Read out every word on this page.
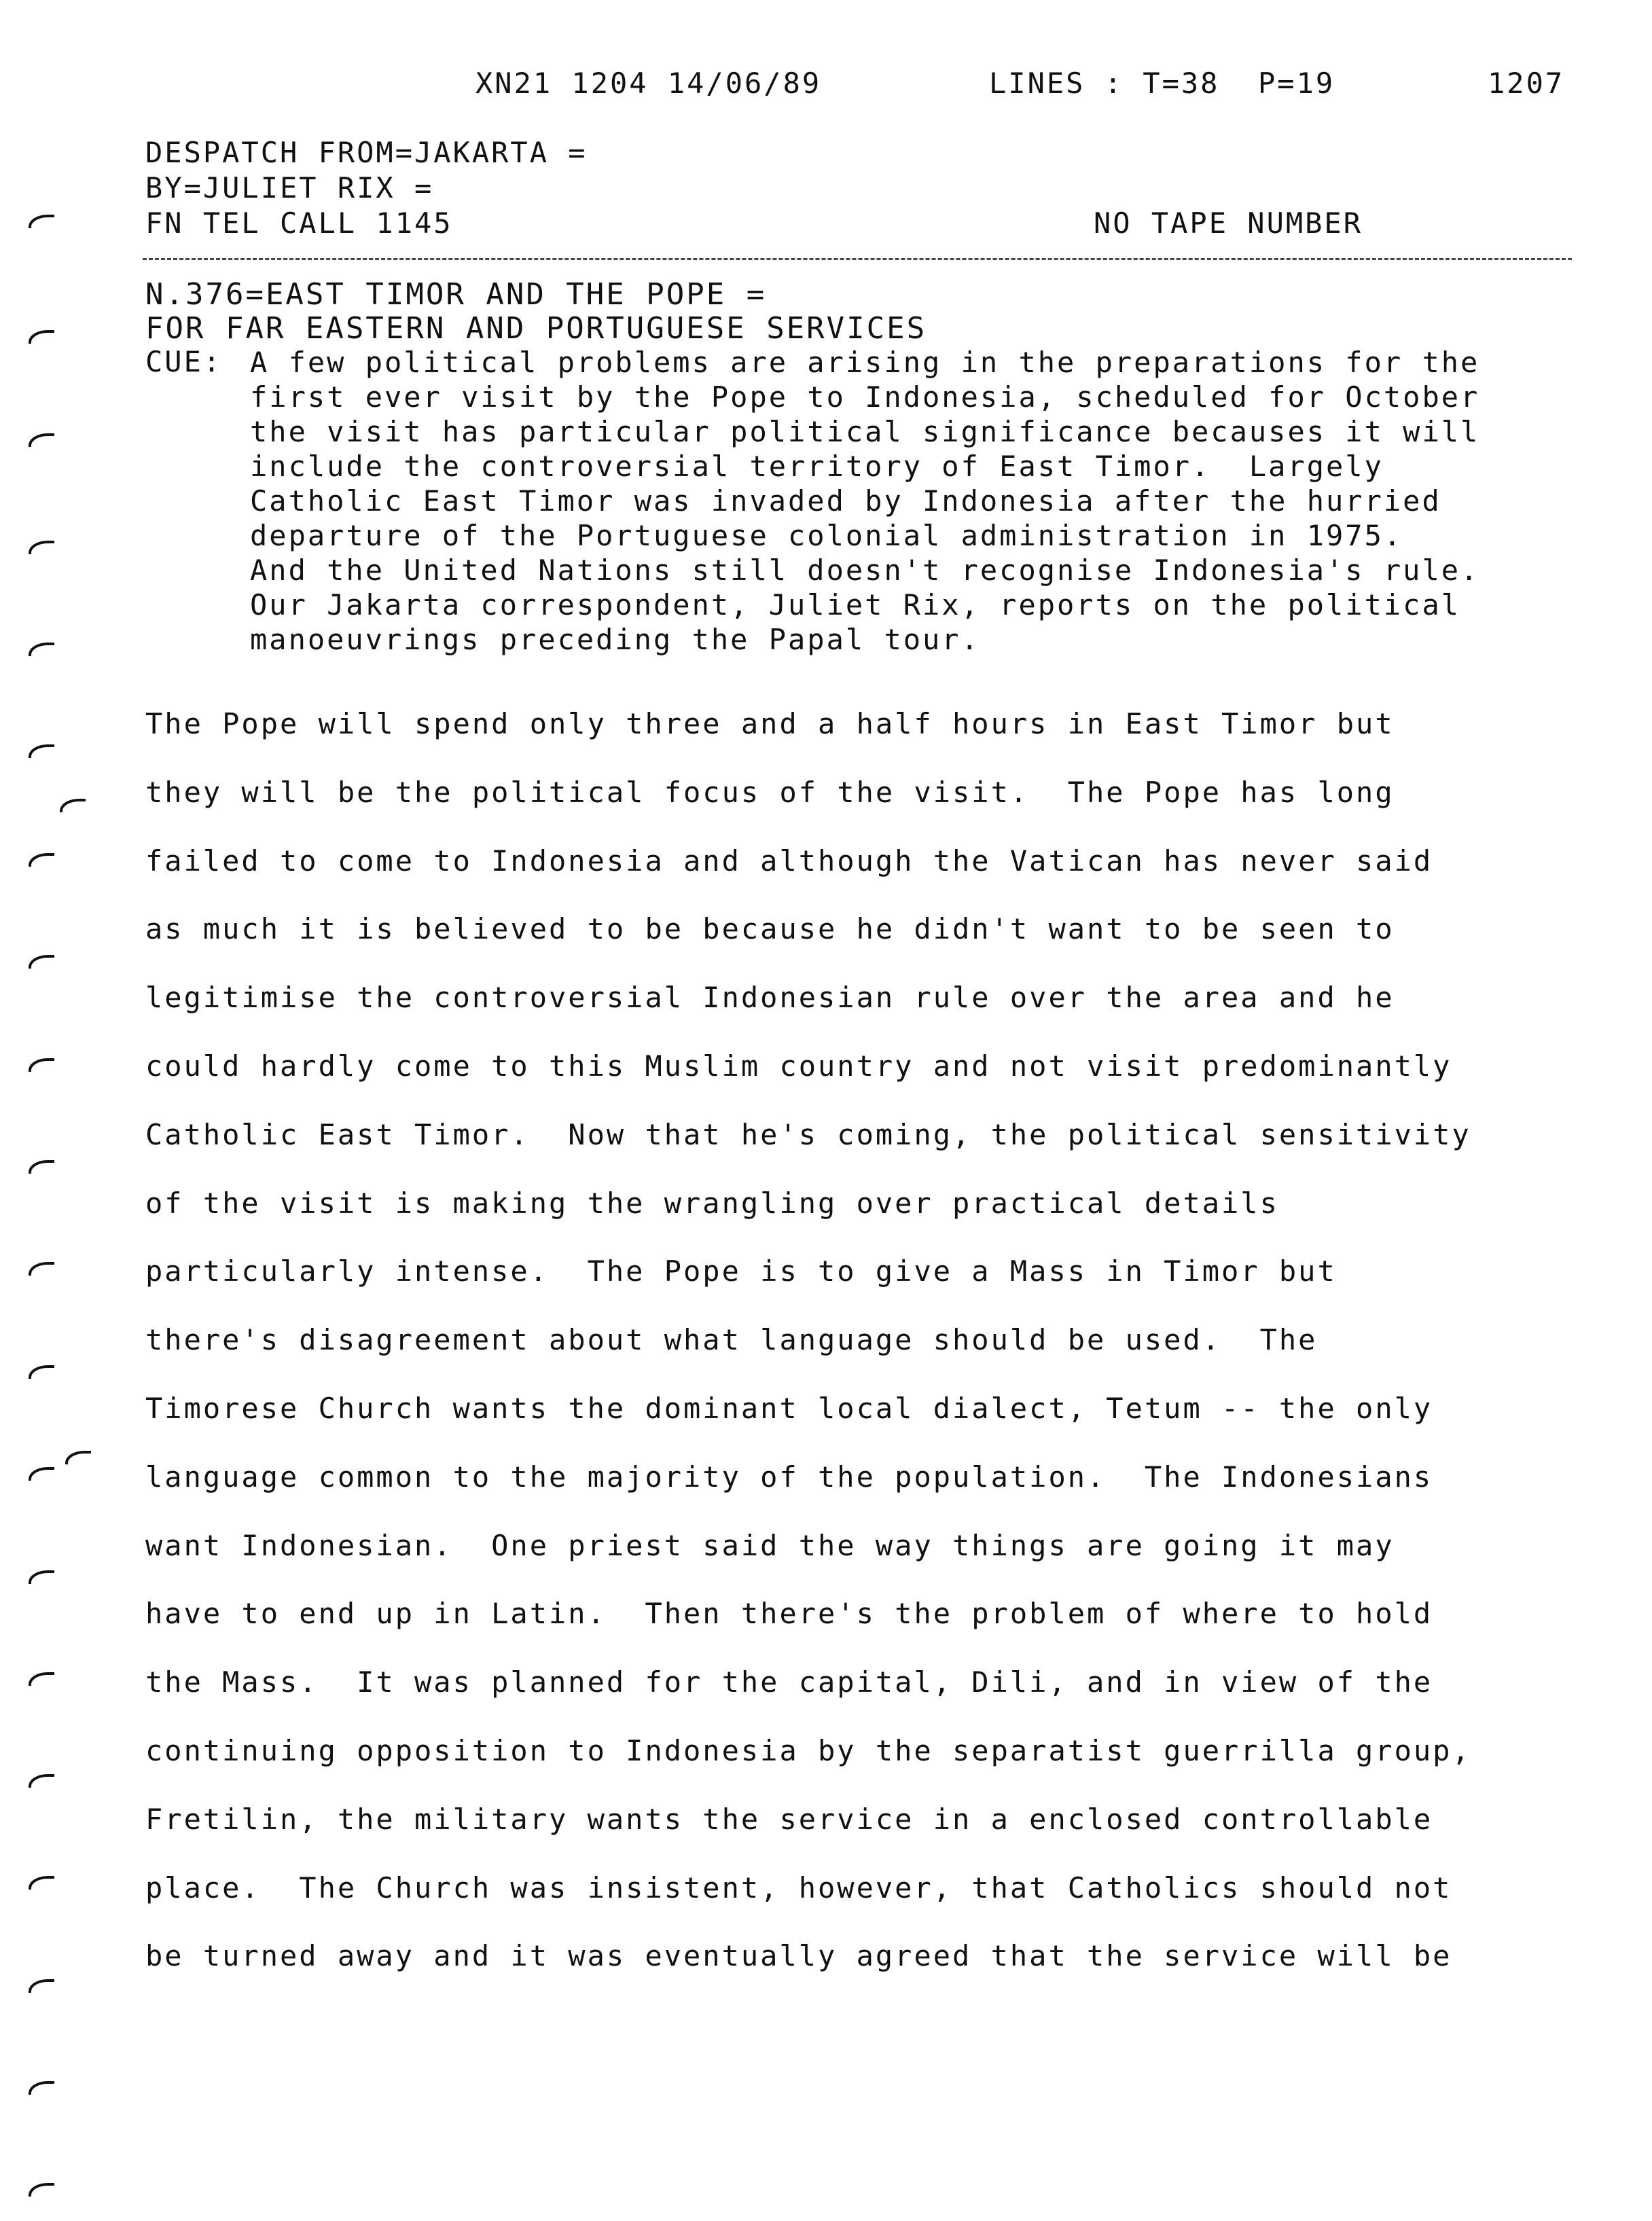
XN21 1204 14/06/89	LINES : T=38  P=19	1207
DESPATCH FROM=JAKARTA =
BY=JULIET RIX =
FN TEL CALL 1145	NO TAPE NUMBER
N.376=EAST TIMOR AND THE POPE =
FOR FAR EASTERN AND PORTUGUESE SERVICES
CUE: A few political problems are arising in the preparations for the
first ever visit by the Pope to Indonesia, scheduled for October
the visit has particular political significance becauses it will
include the controversial territory of East Timor.  Largely
Catholic East Timor was invaded by Indonesia after the hurried
departure of the Portuguese colonial administration in 1975.
And the United Nations still doesn't recognise Indonesia's rule.
Our Jakarta correspondent, Juliet Rix, reports on the political
manoeuvrings preceding the Papal tour.
The Pope will spend only three and a half hours in East Timor but
they will be the political focus of the visit.  The Pope has long
failed to come to Indonesia and although the Vatican has never said
as much it is believed to be because he didn't want to be seen to
legitimise the controversial Indonesian rule over the area and he
could hardly come to this Muslim country and not visit predominantly
Catholic East Timor.  Now that he's coming, the political sensitivity
of the visit is making the wrangling over practical details
particularly intense.  The Pope is to give a Mass in Timor but
there's disagreement about what language should be used.  The
Timorese Church wants the dominant local dialect, Tetum -- the only
language common to the majority of the population.  The Indonesians
want Indonesian.  One priest said the way things are going it may
have to end up in Latin.  Then there's the problem of where to hold
the Mass.  It was planned for the capital, Dili, and in view of the
continuing opposition to Indonesia by the separatist guerrilla group,
Fretilin, the military wants the service in a enclosed controllable
place.  The Church was insistent, however, that Catholics should not
be turned away and it was eventually agreed that the service will be
